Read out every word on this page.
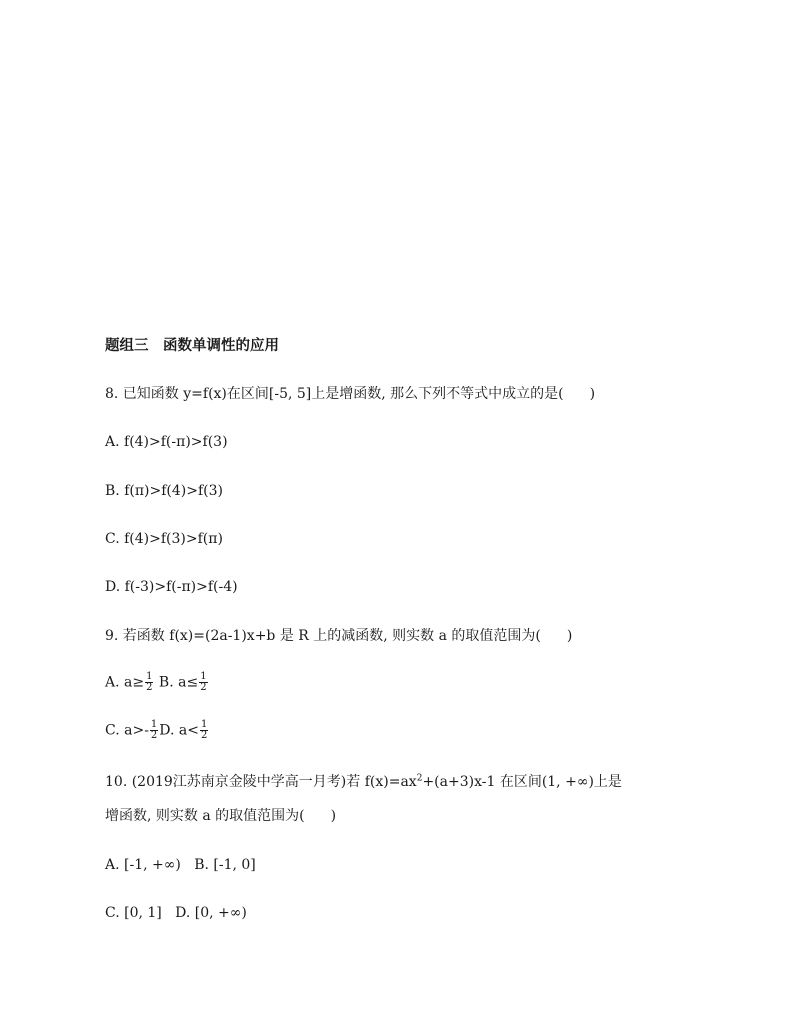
题组三　函数单调性的应用
8. 已知函数 y=f(x)在区间[-5, 5]上是增函数, 那么下列不等式中成立的是( )
A. f(4)>f(-π)>f(3)
B. f(π)>f(4)>f(3)
C. f(4)>f(3)>f(π)
D. f(-3)>f(-π)>f(-4)
9. 若函数 f(x)=(2a-1)x+b 是 R 上的减函数, 则实数 a 的取值范围为( )
A. $a\ge \frac{1}{2} B$. $a\le \frac{1}{2}$
C. $a>- \frac{1}{2} D$. $a< \frac{1}{2}$
10. (2019江苏南京金陵中学高一月考)若 $f(x)=ax^2+(a+3)x-1$ 在区间(1, +∞)上是
增函数, 则实数 a 的取值范围为( )
A. [-1, +∞)   B. [-1, 0]
C. [0, 1]   D. [0, +∞)
